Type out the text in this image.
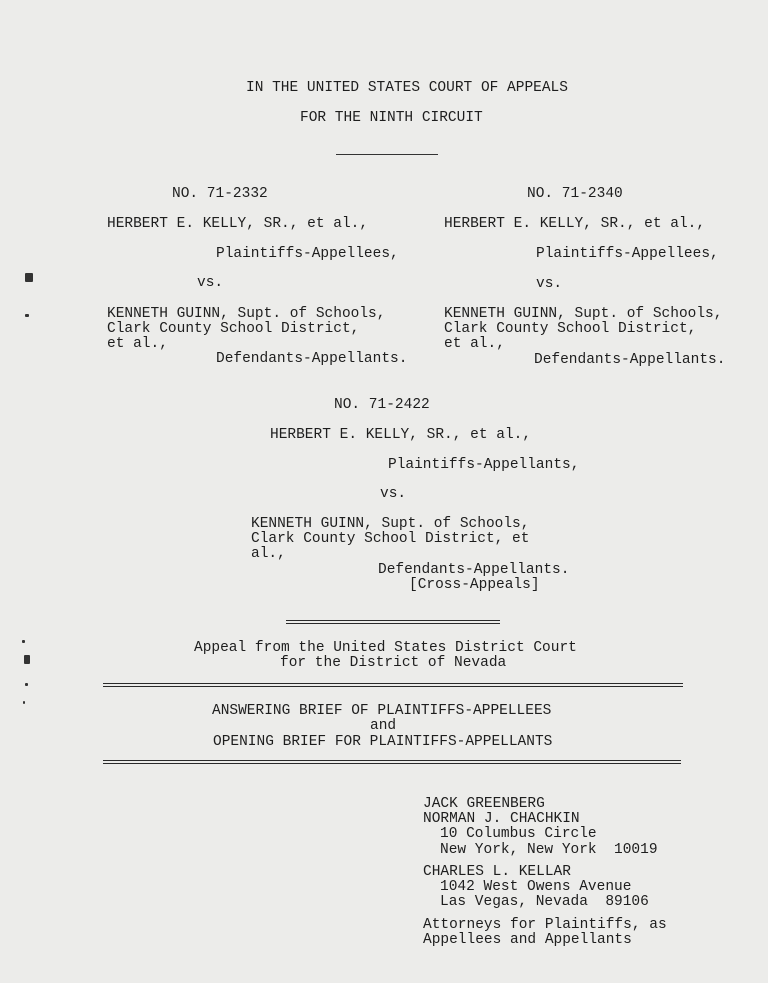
IN THE UNITED STATES COURT OF APPEALS
FOR THE NINTH CIRCUIT
NO. 71-2332
HERBERT E. KELLY, SR., et al.,
Plaintiffs-Appellees,
vs.
KENNETH GUINN, Supt. of Schools,
Clark County School District,
et al.,
Defendants-Appellants.
NO. 71-2340
HERBERT E. KELLY, SR., et al.,
Plaintiffs-Appellees,
vs.
KENNETH GUINN, Supt. of Schools,
Clark County School District,
et al.,
Defendants-Appellants.
NO. 71-2422
HERBERT E. KELLY, SR., et al.,
Plaintiffs-Appellants,
vs.
KENNETH GUINN, Supt. of Schools,
Clark County School District, et
al.,
Defendants-Appellants.
[Cross-Appeals]
Appeal from the United States District Court
for the District of Nevada
ANSWERING BRIEF OF PLAINTIFFS-APPELLEES
and
OPENING BRIEF FOR PLAINTIFFS-APPELLANTS
JACK GREENBERG
NORMAN J. CHACHKIN
10 Columbus Circle
New York, New York  10019
CHARLES L. KELLAR
1042 West Owens Avenue
Las Vegas, Nevada  89106
Attorneys for Plaintiffs, as
Appellees and Appellants
